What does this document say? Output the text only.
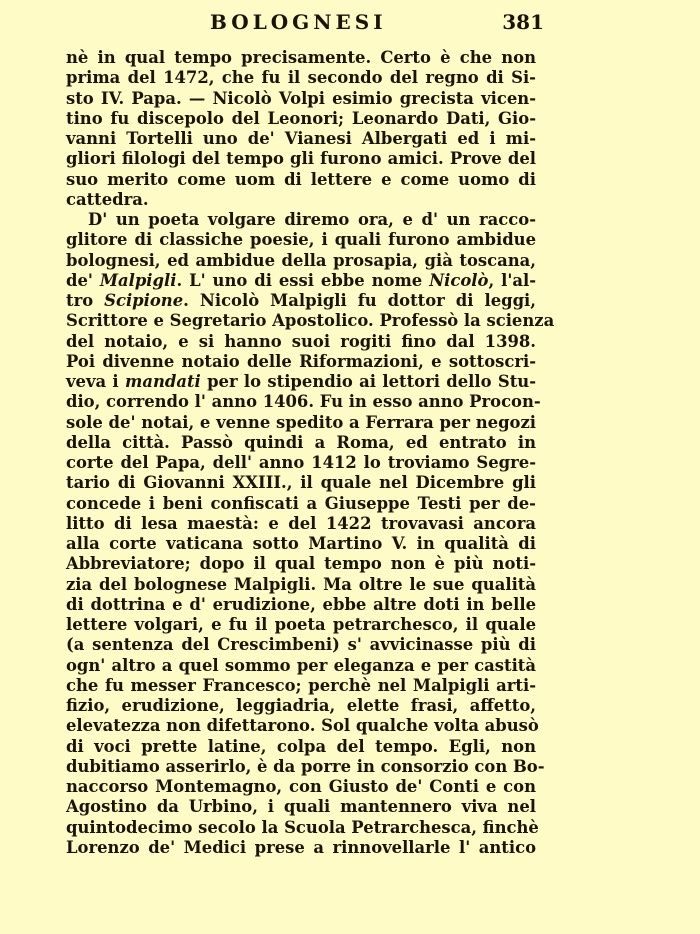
BOLOGNESI	381
nè in qual tempo precisamente. Certo è che non
prima del 1472, che fu il secondo del regno di Si-
sto IV. Papa. — Nicolò Volpi esimio grecista vicen-
tino fu discepolo del Leonori; Leonardo Dati, Gio-
vanni Tortelli uno de' Vianesi Albergati ed i mi-
gliori filologi del tempo gli furono amici. Prove del
suo merito come uom di lettere e come uomo di
cattedra.
D' un poeta volgare diremo ora, e d' un racco-
glitore di classiche poesie, i quali furono ambidue
bolognesi, ed ambidue della prosapia, già toscana,
de' Malpigli. L' uno di essi ebbe nome Nicolò, l'al-
tro Scipione. Nicolò Malpigli fu dottor di leggi,
Scrittore e Segretario Apostolico. Professò la scienza
del notaio, e si hanno suoi rogiti fino dal 1398.
Poi divenne notaio delle Riformazioni, e sottoscri-
veva i mandati per lo stipendio ai lettori dello Stu-
dio, correndo l' anno 1406. Fu in esso anno Procon-
sole de' notai, e venne spedito a Ferrara per negozi
della città. Passò quindi a Roma, ed entrato in
corte del Papa, dell' anno 1412 lo troviamo Segre-
tario di Giovanni XXIII., il quale nel Dicembre gli
concede i beni confiscati a Giuseppe Testi per de-
litto di lesa maestà: e del 1422 trovavasi ancora
alla corte vaticana sotto Martino V. in qualità di
Abbreviatore; dopo il qual tempo non è più noti-
zia del bolognese Malpigli. Ma oltre le sue qualità
di dottrina e d' erudizione, ebbe altre doti in belle
lettere volgari, e fu il poeta petrarchesco, il quale
(a sentenza del Crescimbeni) s' avvicinasse più di
ogn' altro a quel sommo per eleganza e per castità
che fu messer Francesco; perchè nel Malpigli arti-
fizio, erudizione, leggiadria, elette frasi, affetto,
elevatezza non difettarono. Sol qualche volta abusò
di voci prette latine, colpa del tempo. Egli, non
dubitiamo asserirlo, è da porre in consorzio con Bo-
naccorso Montemagno, con Giusto de' Conti e con
Agostino da Urbino, i quali mantennero viva nel
quintodecimo secolo la Scuola Petrarchesca, finchè
Lorenzo de' Medici prese a rinnovellarle l' antico
